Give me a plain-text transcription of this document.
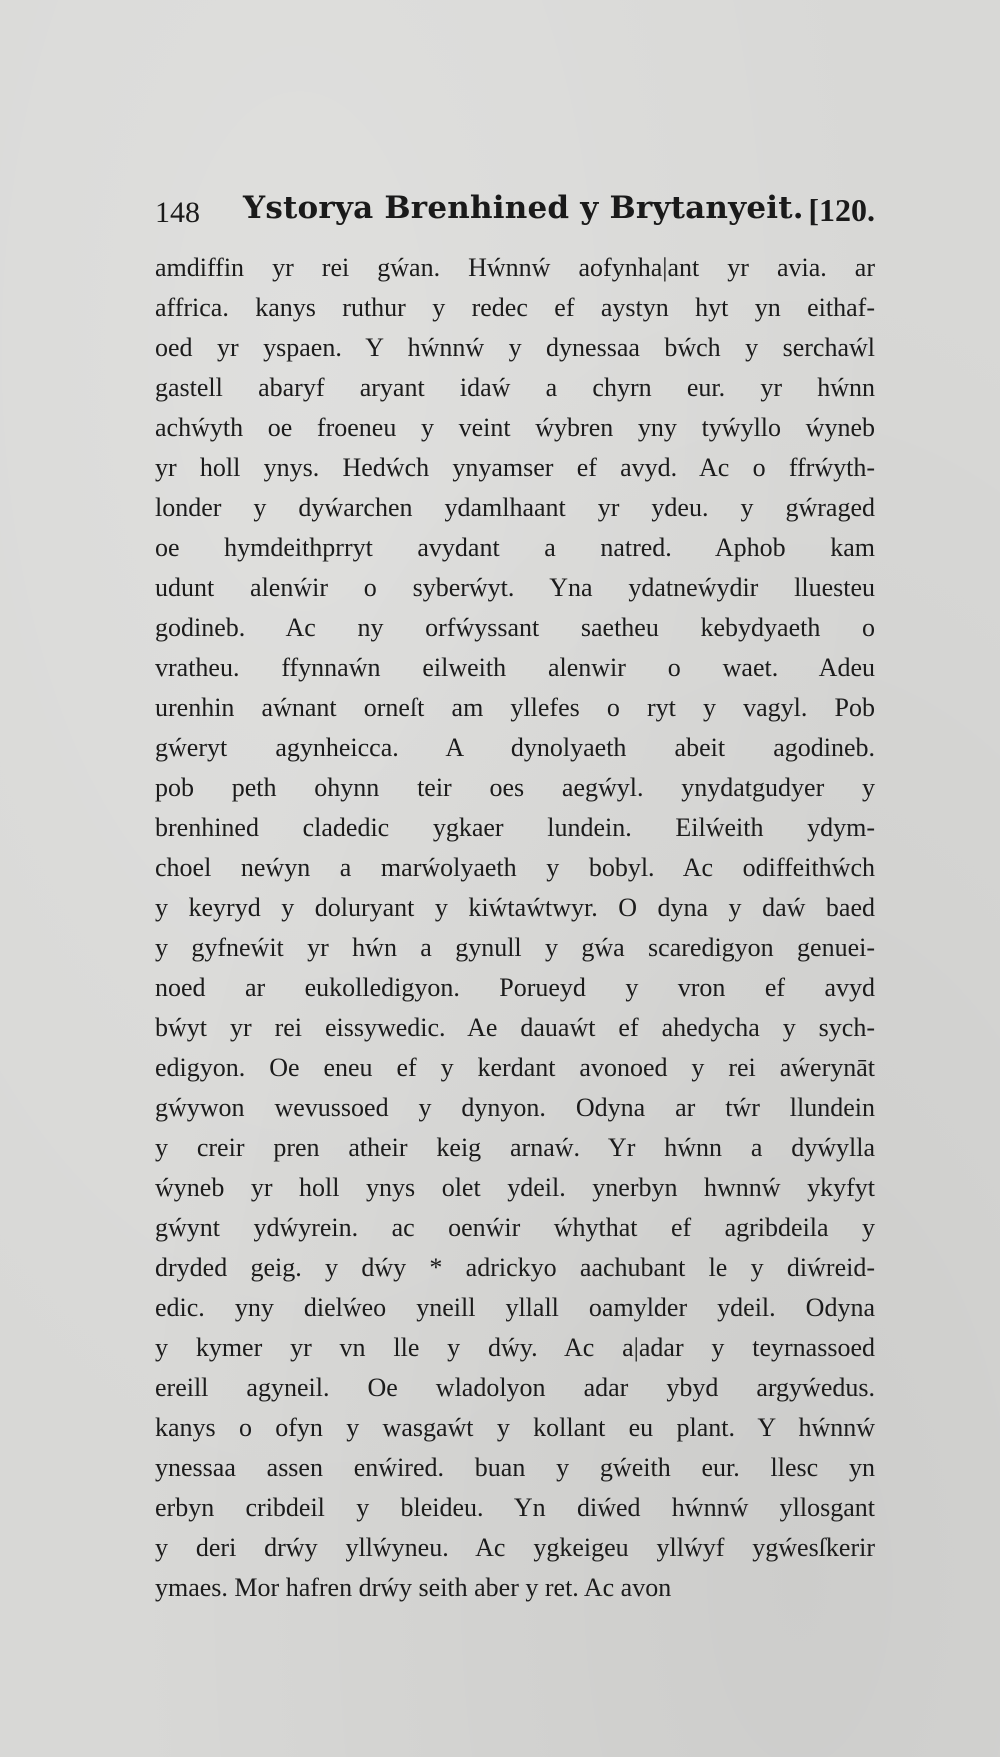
148 Ystorya Brenhined y Brytanyeit. [120.
amdiffin yr rei gẃan. Hẃnnẃ aofynha|ant yr avia. ar
affrica. kanys ruthur y redec ef aystyn hyt yn eithaf-
oed yr yspaen. Y hẃnnẃ y dynessaa bẃch y serchaẃl
gastell abaryf aryant idaẃ a chyrn eur. yr hẃnn
achẃyth oe froeneu y veint ẃybren yny tyẃyllo ẃyneb
yr holl ynys. Hedẃch ynyamser ef avyd. Ac o ffrẃyth-
londer y dyẃarchen ydamlhaant yr ydeu. y gẃraged
oe hymdeithprryt avydant a natred. Aphob kam
udunt alenẃir o syberẃyt. Yna ydatneẃydir lluesteu
godineb. Ac ny orfẃyssant saetheu kebydyaeth o
vratheu. ffynnaẃn eilweith alenwir o waet. Adeu
urenhin aẃnant orneſt am yllefes o ryt y vagyl. Pob
gẃeryt agynheicca. A dynolyaeth abeit agodineb.
pob peth ohynn teir oes aegẃyl. ynydatgudyer y
brenhined cladedic ygkaer lundein. Eilẃeith ydym-
choel neẃyn a marẃolyaeth y bobyl. Ac odiffeithẃch
y keyryd y doluryant y kiẃtaẃtwyr. O dyna y daẃ baed
y gyfneẃit yr hẃn a gynull y gẃa scaredigyon genuei-
noed ar eukolledigyon. Porueyd y vron ef avyd
bẃyt yr rei eissywedic. Ae dauaẃt ef ahedycha y sych-
edigyon. Oe eneu ef y kerdant avonoed y rei aẃerynāt
gẃywon wevussoed y dynyon. Odyna ar tẃr llundein
y creir pren atheir keig arnaẃ. Yr hẃnn a dyẃylla
ẃyneb yr holl ynys olet ydeil. ynerbyn hwnnẃ ykyfyt
gẃynt ydẃyrein. ac oenẃir ẃhythat ef agribdeila y
dryded geig. y dẃy * adrickyo aachubant le y diẃreid-
edic. yny dielẃeo yneill yllall oamylder ydeil. Odyna
y kymer yr vn lle y dẃy. Ac a|adar y teyrnassoed
ereill agyneil. Oe wladolyon adar ybyd argyẃedus.
kanys o ofyn y wasgaẃt y kollant eu plant. Y hẃnnẃ
ynessaa assen enẃired. buan y gẃeith eur. llesc yn
erbyn cribdeil y bleideu. Yn diẃed hẃnnẃ yllosgant
y deri drẃy yllẃyneu. Ac ygkeigeu yllẃyf ygẃesſkerir
ymaes. Mor hafren drẃy seith aber y ret. Ac avon
